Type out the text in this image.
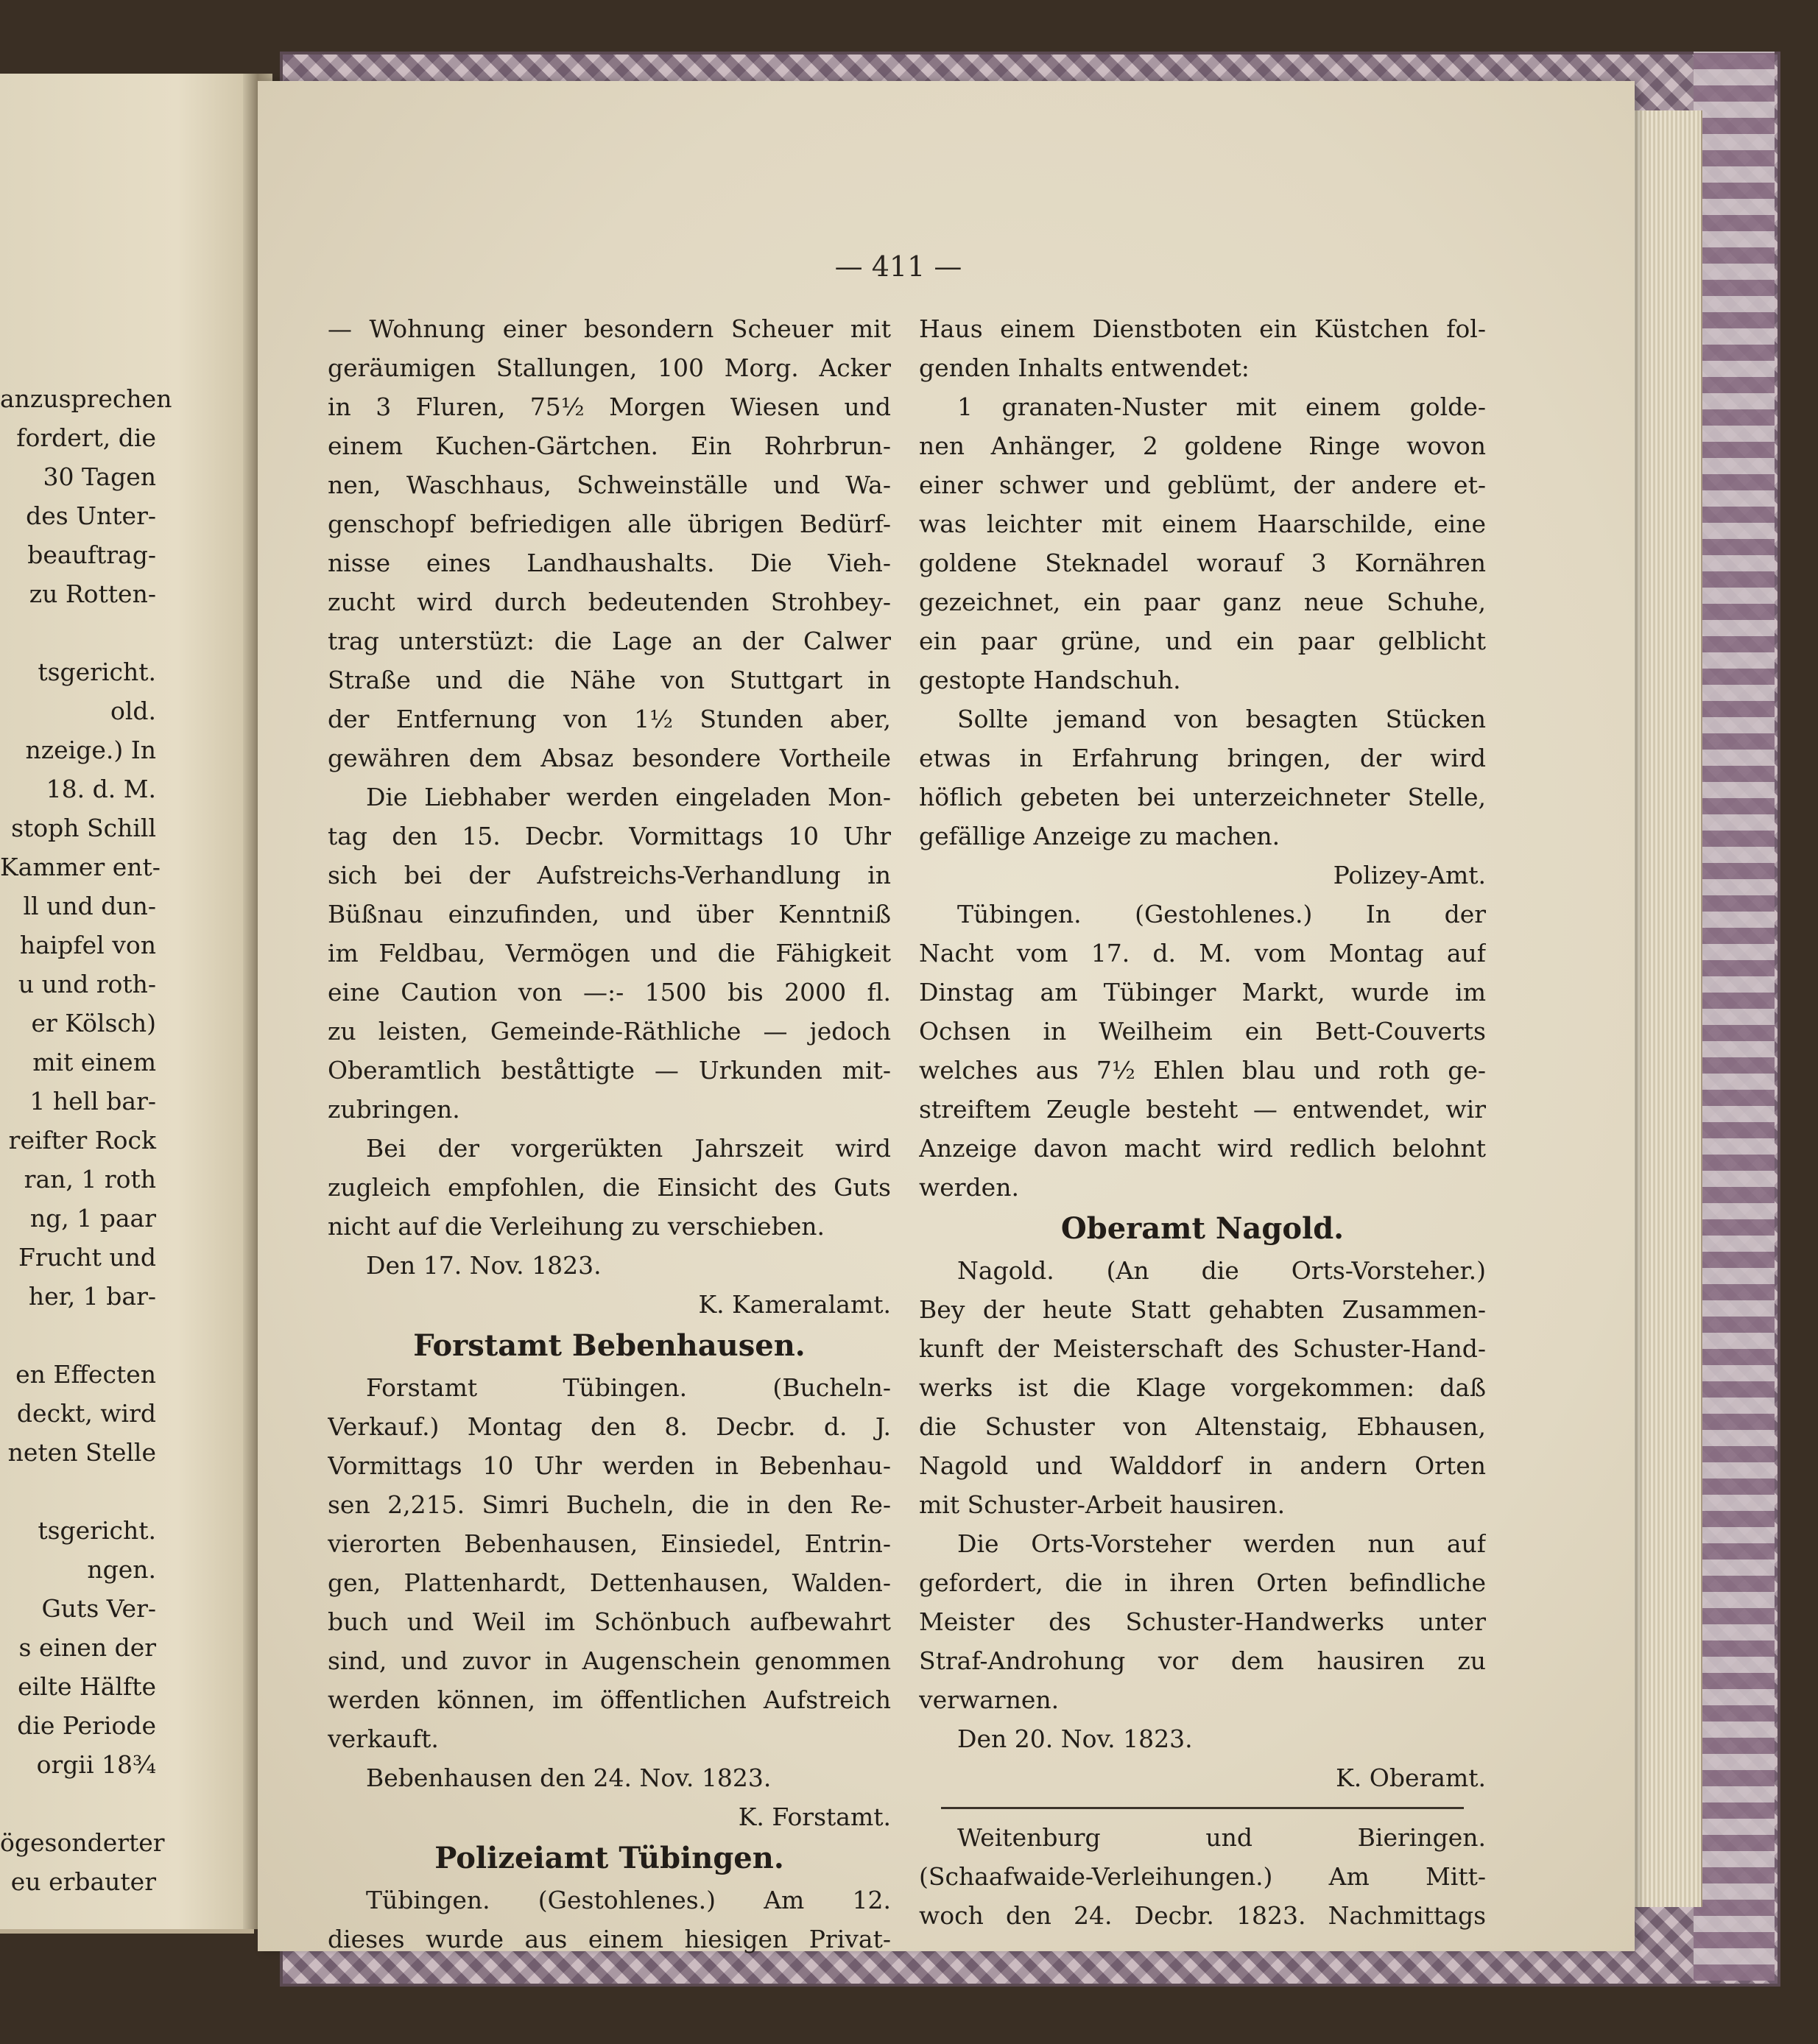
anzusprechen
fordert, die
30 Tagen
des Unter-
beauftrag-
zu Rotten-
tsgericht.
old.
nzeige.) In
18. d. M.
stoph Schill
Kammer ent-
ll und dun-
haipfel von
u und roth-
er Kölsch)
mit einem
1 hell bar-
reifter Rock
ran, 1 roth
ng, 1 paar
Frucht und
her, 1 bar-
en Effecten
deckt, wird
neten Stelle
tsgericht.
ngen.
Guts Ver-
s einen der
eilte Hälfte
die Periode
orgii 18¾
ögesonderter
eu erbauter
— 411 —
— Wohnung einer besondern Scheuer mit
geräumigen Stallungen, 100 Morg. Acker
in 3 Fluren, 75½ Morgen Wiesen und
einem Kuchen-Gärtchen. Ein Rohrbrun-
nen, Waschhaus, Schweinställe und Wa-
genschopf befriedigen alle übrigen Bedürf-
nisse eines Landhaushalts. Die Vieh-
zucht wird durch bedeutenden Strohbey-
trag unterstüzt: die Lage an der Calwer
Straße und die Nähe von Stuttgart in
der Entfernung von 1½ Stunden aber,
gewähren dem Absaz besondere Vortheile
Die Liebhaber werden eingeladen Mon-
tag den 15. Decbr. Vormittags 10 Uhr
sich bei der Aufstreichs-Verhandlung in
Büßnau einzufinden, und über Kenntniß
im Feldbau, Vermögen und die Fähigkeit
eine Caution von —:- 1500 bis 2000 fl.
zu leisten, Gemeinde-Räthliche — jedoch
Oberamtlich beståttigte — Urkunden mit-
zubringen.
Bei der vorgerükten Jahrszeit wird
zugleich empfohlen, die Einsicht des Guts
nicht auf die Verleihung zu verschieben.
Den 17. Nov. 1823.
K. Kameralamt.
Forstamt Bebenhausen.
Forstamt Tübingen. (Bucheln-
Verkauf.) Montag den 8. Decbr. d. J.
Vormittags 10 Uhr werden in Bebenhau-
sen 2,215. Simri Bucheln, die in den Re-
vierorten Bebenhausen, Einsiedel, Entrin-
gen, Plattenhardt, Dettenhausen, Walden-
buch und Weil im Schönbuch aufbewahrt
sind, und zuvor in Augenschein genommen
werden können, im öffentlichen Aufstreich
verkauft.
Bebenhausen den 24. Nov. 1823.
K. Forstamt.
Polizeiamt Tübingen.
Tübingen. (Gestohlenes.) Am 12.
dieses wurde aus einem hiesigen Privat-
Haus einem Dienstboten ein Küstchen fol-
genden Inhalts entwendet:
1 granaten-Nuster mit einem golde-
nen Anhänger, 2 goldene Ringe wovon
einer schwer und geblümt, der andere et-
was leichter mit einem Haarschilde, eine
goldene Steknadel worauf 3 Kornähren
gezeichnet, ein paar ganz neue Schuhe,
ein paar grüne, und ein paar gelblicht
gestopte Handschuh.
Sollte jemand von besagten Stücken
etwas in Erfahrung bringen, der wird
höflich gebeten bei unterzeichneter Stelle,
gefällige Anzeige zu machen.
Polizey-Amt.
Tübingen. (Gestohlenes.) In der
Nacht vom 17. d. M. vom Montag auf
Dinstag am Tübinger Markt, wurde im
Ochsen in Weilheim ein Bett-Couverts
welches aus 7½ Ehlen blau und roth ge-
streiftem Zeugle besteht — entwendet, wir
Anzeige davon macht wird redlich belohnt
werden.
Oberamt Nagold.
Nagold. (An die Orts-Vorsteher.)
Bey der heute Statt gehabten Zusammen-
kunft der Meisterschaft des Schuster-Hand-
werks ist die Klage vorgekommen: daß
die Schuster von Altenstaig, Ebhausen,
Nagold und Walddorf in andern Orten
mit Schuster-Arbeit hausiren.
Die Orts-Vorsteher werden nun auf
gefordert, die in ihren Orten befindliche
Meister des Schuster-Handwerks unter
Straf-Androhung vor dem hausiren zu
verwarnen.
Den 20. Nov. 1823.
K. Oberamt.
Weitenburg und Bieringen.
(Schaafwaide-Verleihungen.) Am Mitt-
woch den 24. Decbr. 1823. Nachmittags
